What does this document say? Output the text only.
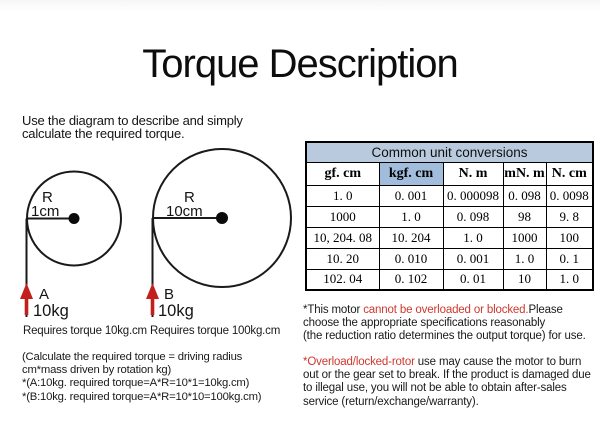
Torque Description
Use the diagram to describe and simply
calculate the required torque.
R
1cm
A
10kg
R
10cm
B
10kg
Requires torque 10kg.cm Requires torque 100kg.cm
(Calculate the required torque = driving radius
cm*mass driven by rotation kg)
*(A:10kg. required torque=A*R=10*1=10kg.cm)
*(B:10kg. required torque=A*R=10*10=100kg.cm)
Common unit conversions				
gf. cm	kgf. cm	N. m	mN. m	N. cm
1. 0	0. 001	0. 000098	0. 098	0. 0098
1000	1. 0	0. 098	98	9. 8
10, 204. 08	10. 204	1. 0	1000	100
10. 20	0. 010	0. 001	1. 0	0. 1
102. 04	0. 102	0. 01	10	1. 0
*This motor cannot be overloaded or blocked.Please
choose the appropriate specifications reasonably
(the reduction ratio determines the output torque) for use.
*Overload/locked-rotor use may cause the motor to burn
out or the gear set to break. If the product is damaged due
to illegal use, you will not be able to obtain after-sales
service (return/exchange/warranty).
